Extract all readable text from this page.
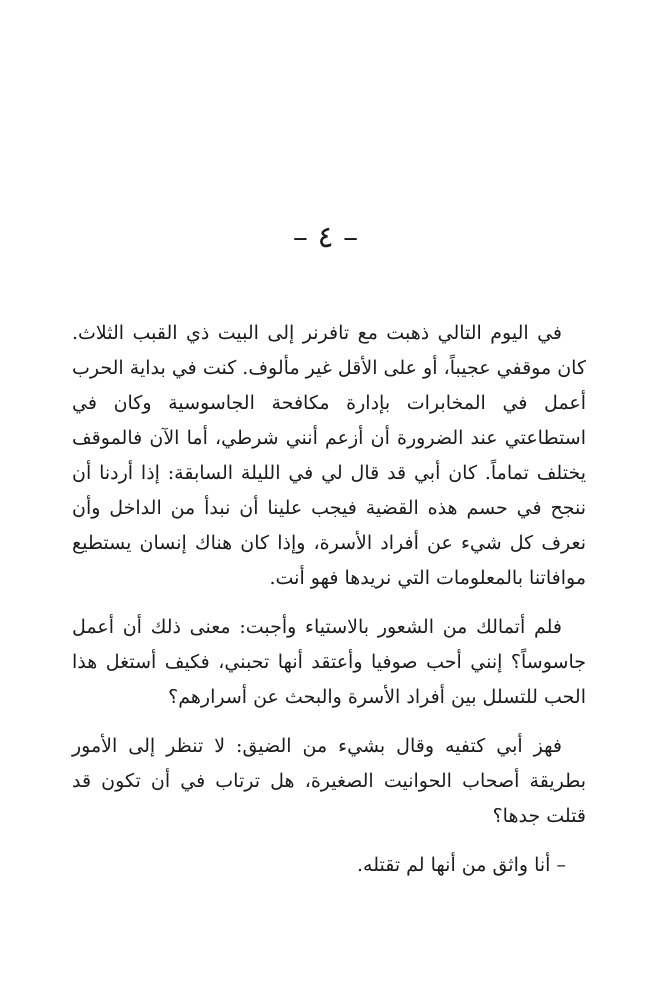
– ٤ –

في اليوم التالي ذهبت مع تافرنر إلى البيت ذي القبب الثلاث. كان موقفي عجيباً، أو على الأقل غير مألوف. كنت في بداية الحرب أعمل في المخابرات بإدارة مكافحة الجاسوسية وكان في استطاعتي عند الضرورة أن أزعم أنني شرطي، أما الآن فالموقف يختلف تماماً. كان أبي قد قال لي في الليلة السابقة: إذا أردنا أن ننجح في حسم هذه القضية فيجب علينا أن نبدأ من الداخل وأن نعرف كل شيء عن أفراد الأسرة، وإذا كان هناك إنسان يستطيع موافاتنا بالمعلومات التي نريدها فهو أنت.

فلم أتمالك من الشعور بالاستياء وأجبت: معنى ذلك أن أعمل جاسوساً؟ إنني أحب صوفيا وأعتقد أنها تحبني، فكيف أستغل هذا الحب للتسلل بين أفراد الأسرة والبحث عن أسرارهم؟

فهز أبي كتفيه وقال بشيء من الضيق: لا تنظر إلى الأمور بطريقة أصحاب الحوانيت الصغيرة، هل ترتاب في أن تكون قد قتلت جدها؟

– أنا واثق من أنها لم تقتله.
